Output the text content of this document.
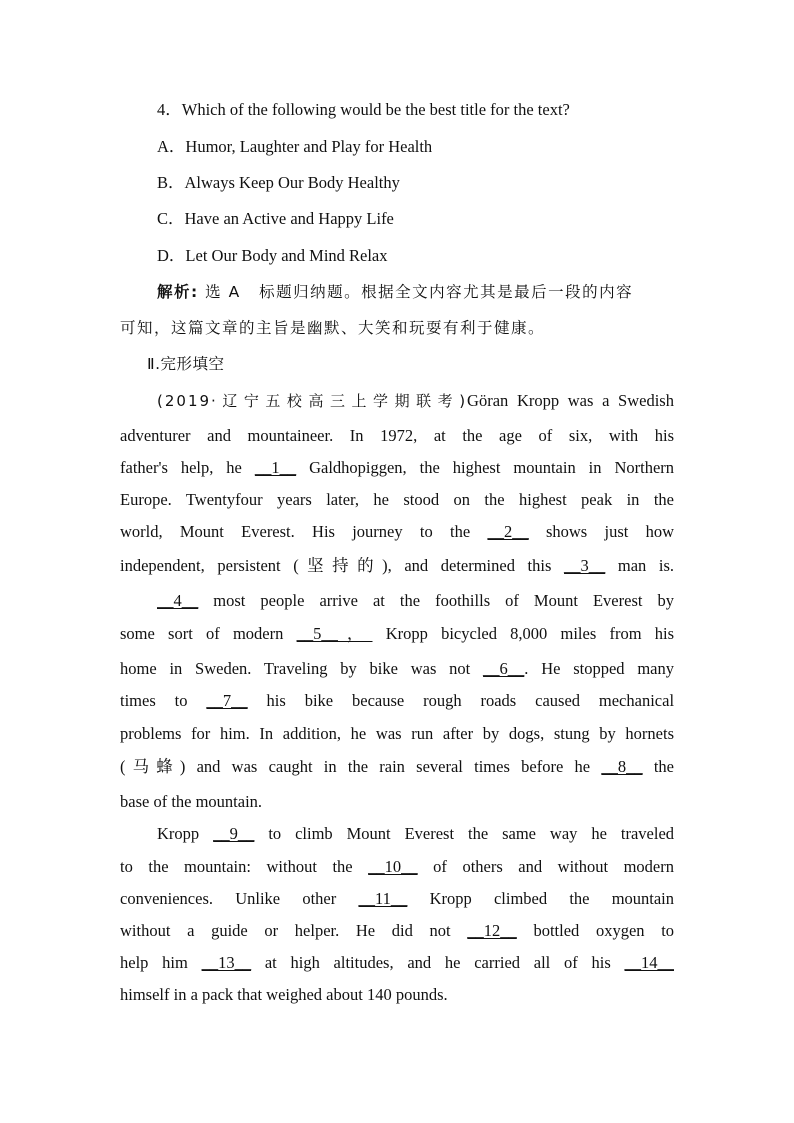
4．Which of the following would be the best title for the text?
A．Humor, Laughter and Play for Health
B．Always Keep Our Body Healthy
C．Have an Active and Happy Life
D．Let Our Body and Mind Relax
解析: 选 A 标题归纳题。根据全文内容尤其是最后一段的内容
可知，这篇文章的主旨是幽默、大笑和玩耍有利于健康。
Ⅱ.完形填空
(2019·辽宁五校高三上学期联考)Göran Kropp was a Swedish
adventurer and mountaineer. In 1972, at the age of six, with his
father's help, he __1__ Galdhopiggen, the highest mountain in Northern
Europe. Twentyfour years later, he stood on the highest peak in the
world, Mount Everest. His journey to the __2__ shows just how
independent, persistent (坚持的), and determined this __3__ man is.
__4__ most people arrive at the foothills of Mount Everest by
some sort of modern __5__， Kropp bicycled 8,000 miles from his
home in Sweden. Traveling by bike was not __6__. He stopped many
times to __7__ his bike because rough roads caused mechanical
problems for him. In addition, he was run after by dogs, stung by hornets
(马蜂) and was caught in the rain several times before he __8__ the
base of the mountain.
Kropp __9__ to climb Mount Everest the same way he traveled
to the mountain: without the __10__ of others and without modern
conveniences. Unlike other __11__ Kropp climbed the mountain
without a guide or helper. He did not __12__ bottled oxygen to
help him __13__ at high altitudes, and he carried all of his __14__
himself in a pack that weighed about 140 pounds.
